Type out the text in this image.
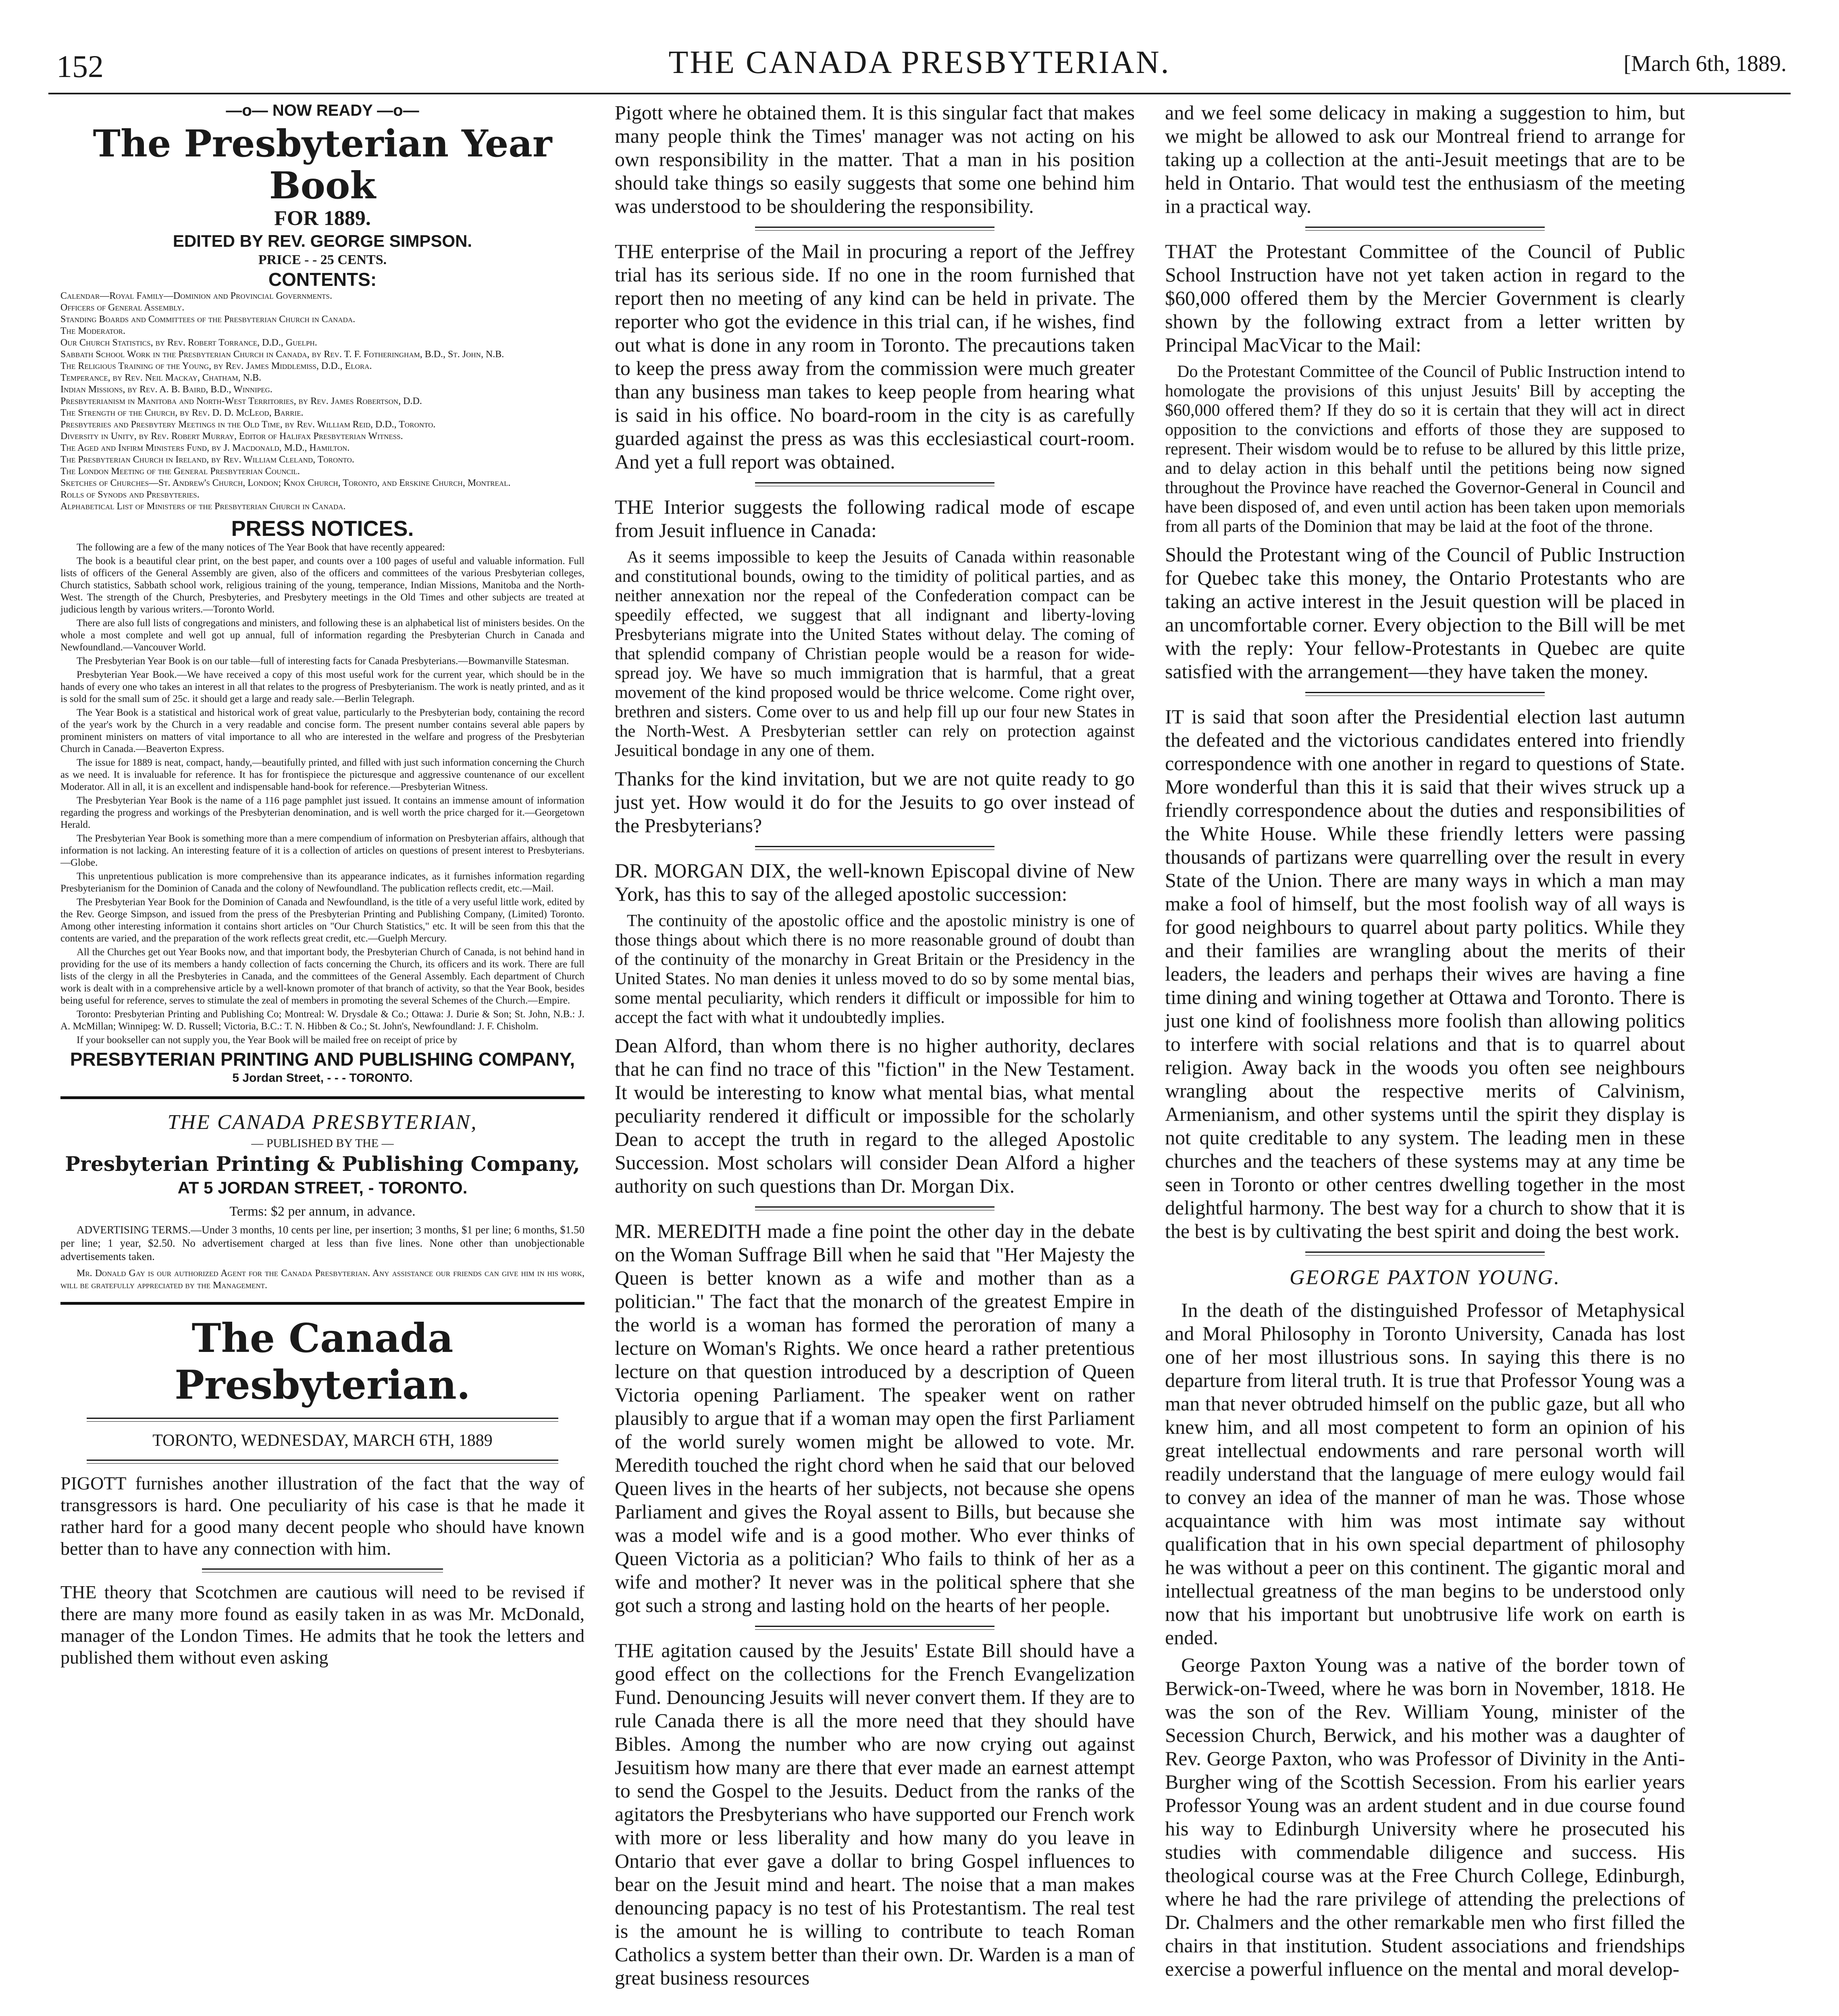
152	THE CANADA PRESBYTERIAN.	[March 6th, 1889.
—o— NOW READY —o—
The Presbyterian Year Book
FOR 1889.
EDITED BY REV. GEORGE SIMPSON.
PRICE - - 25 CENTS.
CONTENTS:

Calendar—Royal Family—Dominion and Provincial Governments.

Officers of General Assembly.

Standing Boards and Committees of the Presbyterian Church in Canada.

The Moderator.

Our Church Statistics, by Rev. Robert Torrance, D.D., Guelph.

Sabbath School Work in the Presbyterian Church in Canada, by Rev. T. F. Fotheringham, B.D., St. John, N.B.

The Religious Training of the Young, by Rev. James Middlemiss, D.D., Elora.

Temperance, by Rev. Neil Mackay, Chatham, N.B.

Indian Missions, by Rev. A. B. Baird, B.D., Winnipeg.

Presbyterianism in Manitoba and North-West Territories, by Rev. James Robertson, D.D.

The Strength of the Church, by Rev. D. D. McLeod, Barrie.

Presbyteries and Presbytery Meetings in the Old Time, by Rev. William Reid, D.D., Toronto.

Diversity in Unity, by Rev. Robert Murray, Editor of Halifax Presbyterian Witness.

The Aged and Infirm Ministers Fund, by J. Macdonald, M.D., Hamilton.

The Presbyterian Church in Ireland, by Rev. William Cleland, Toronto.

The London Meeting of the General Presbyterian Council.

Sketches of Churches—St. Andrew's Church, London; Knox Church, Toronto, and Erskine Church, Montreal.

Rolls of Synods and Presbyteries.

Alphabetical List of Ministers of the Presbyterian Church in Canada.

PRESS NOTICES.

The following are a few of the many notices of The Year Book that have recently appeared:

The book is a beautiful clear print, on the best paper, and counts over a 100 pages of useful and valuable information. Full lists of officers of the General Assembly are given, also of the officers and committees of the various Presbyterian colleges, Church statistics, Sabbath school work, religious training of the young, temperance, Indian Missions, Manitoba and the North-West. The strength of the Church, Presbyteries, and Presbytery meetings in the Old Times and other subjects are treated at judicious length by various writers.—Toronto World.

There are also full lists of congregations and ministers, and following these is an alphabetical list of ministers besides. On the whole a most complete and well got up annual, full of information regarding the Presbyterian Church in Canada and Newfoundland.—Vancouver World.

The Presbyterian Year Book is on our table—full of interesting facts for Canada Presbyterians.—Bowmanville Statesman.

Presbyterian Year Book.—We have received a copy of this most useful work for the current year, which should be in the hands of every one who takes an interest in all that relates to the progress of Presbyterianism. The work is neatly printed, and as it is sold for the small sum of 25c. it should get a large and ready sale.—Berlin Telegraph.

The Year Book is a statistical and historical work of great value, particularly to the Presbyterian body, containing the record of the year's work by the Church in a very readable and concise form. The present number contains several able papers by prominent ministers on matters of vital importance to all who are interested in the welfare and progress of the Presbyterian Church in Canada.—Beaverton Express.

The issue for 1889 is neat, compact, handy,—beautifully printed, and filled with just such information concerning the Church as we need. It is invaluable for reference. It has for frontispiece the picturesque and aggressive countenance of our excellent Moderator. All in all, it is an excellent and indispensable hand-book for reference.—Presbyterian Witness.

The Presbyterian Year Book is the name of a 116 page pamphlet just issued. It contains an immense amount of information regarding the progress and workings of the Presbyterian denomination, and is well worth the price charged for it.—Georgetown Herald.

The Presbyterian Year Book is something more than a mere compendium of information on Presbyterian affairs, although that information is not lacking. An interesting feature of it is a collection of articles on questions of present interest to Presbyterians.—Globe.

This unpretentious publication is more comprehensive than its appearance indicates, as it furnishes information regarding Presbyterianism for the Dominion of Canada and the colony of Newfoundland. The publication reflects credit, etc.—Mail.

The Presbyterian Year Book for the Dominion of Canada and Newfoundland, is the title of a very useful little work, edited by the Rev. George Simpson, and issued from the press of the Presbyterian Printing and Publishing Company, (Limited) Toronto. Among other interesting information it contains short articles on "Our Church Statistics," etc. It will be seen from this that the contents are varied, and the preparation of the work reflects great credit, etc.—Guelph Mercury.

All the Churches get out Year Books now, and that important body, the Presbyterian Church of Canada, is not behind hand in providing for the use of its members a handy collection of facts concerning the Church, its officers and its work. There are full lists of the clergy in all the Presbyteries in Canada, and the committees of the General Assembly. Each department of Church work is dealt with in a comprehensive article by a well-known promoter of that branch of activity, so that the Year Book, besides being useful for reference, serves to stimulate the zeal of members in promoting the several Schemes of the Church.—Empire.

Toronto: Presbyterian Printing and Publishing Co; Montreal: W. Drysdale & Co.; Ottawa: J. Durie & Son; St. John, N.B.: J. A. McMillan; Winnipeg: W. D. Russell; Victoria, B.C.: T. N. Hibben & Co.; St. John's, Newfoundland: J. F. Chisholm.

If your bookseller can not supply you, the Year Book will be mailed free on receipt of price by

PRESBYTERIAN PRINTING AND PUBLISHING COMPANY,
5 Jordan Street, - - - TORONTO.
THE CANADA PRESBYTERIAN,
— PUBLISHED BY THE —
Presbyterian Printing & Publishing Company,
AT 5 JORDAN STREET, - TORONTO.
Terms: $2 per annum, in advance.

ADVERTISING TERMS.—Under 3 months, 10 cents per line, per insertion; 3 months, $1 per line; 6 months, $1.50 per line; 1 year, $2.50. No advertisement charged at less than five lines. None other than unobjectionable advertisements taken.

Mr. Donald Gay is our authorized Agent for the Canada Presbyterian. Any assistance our friends can give him in his work, will be gratefully appreciated by the Management.

The Canada Presbyterian.
TORONTO, WEDNESDAY, MARCH 6TH, 1889

PIGOTT furnishes another illustration of the fact that the way of transgressors is hard. One peculiarity of his case is that he made it rather hard for a good many decent people who should have known better than to have any connection with him.

THE theory that Scotchmen are cautious will need to be revised if there are many more found as easily taken in as was Mr. McDonald, manager of the London Times. He admits that he took the letters and published them without even asking

Pigott where he obtained them. It is this singular fact that makes many people think the Times' manager was not acting on his own responsibility in the matter. That a man in his position should take things so easily suggests that some one behind him was understood to be shouldering the responsibility.

THE enterprise of the Mail in procuring a report of the Jeffrey trial has its serious side. If no one in the room furnished that report then no meeting of any kind can be held in private. The reporter who got the evidence in this trial can, if he wishes, find out what is done in any room in Toronto. The precautions taken to keep the press away from the commission were much greater than any business man takes to keep people from hearing what is said in his office. No board-room in the city is as carefully guarded against the press as was this ecclesiastical court-room. And yet a full report was obtained.

THE Interior suggests the following radical mode of escape from Jesuit influence in Canada:

As it seems impossible to keep the Jesuits of Canada within reasonable and constitutional bounds, owing to the timidity of political parties, and as neither annexation nor the repeal of the Confederation compact can be speedily effected, we suggest that all indignant and liberty-loving Presbyterians migrate into the United States without delay. The coming of that splendid company of Christian people would be a reason for wide-spread joy. We have so much immigration that is harmful, that a great movement of the kind proposed would be thrice welcome. Come right over, brethren and sisters. Come over to us and help fill up our four new States in the North-West. A Presbyterian settler can rely on protection against Jesuitical bondage in any one of them.

Thanks for the kind invitation, but we are not quite ready to go just yet. How would it do for the Jesuits to go over instead of the Presbyterians?

DR. MORGAN DIX, the well-known Episcopal divine of New York, has this to say of the alleged apostolic succession:

The continuity of the apostolic office and the apostolic ministry is one of those things about which there is no more reasonable ground of doubt than of the continuity of the monarchy in Great Britain or the Presidency in the United States. No man denies it unless moved to do so by some mental bias, some mental peculiarity, which renders it difficult or impossible for him to accept the fact with what it undoubtedly implies.

Dean Alford, than whom there is no higher authority, declares that he can find no trace of this "fiction" in the New Testament. It would be interesting to know what mental bias, what mental peculiarity rendered it difficult or impossible for the scholarly Dean to accept the truth in regard to the alleged Apostolic Succession. Most scholars will consider Dean Alford a higher authority on such questions than Dr. Morgan Dix.

MR. MEREDITH made a fine point the other day in the debate on the Woman Suffrage Bill when he said that "Her Majesty the Queen is better known as a wife and mother than as a politician." The fact that the monarch of the greatest Empire in the world is a woman has formed the peroration of many a lecture on Woman's Rights. We once heard a rather pretentious lecture on that question introduced by a description of Queen Victoria opening Parliament. The speaker went on rather plausibly to argue that if a woman may open the first Parliament of the world surely women might be allowed to vote. Mr. Meredith touched the right chord when he said that our beloved Queen lives in the hearts of her subjects, not because she opens Parliament and gives the Royal assent to Bills, but because she was a model wife and is a good mother. Who ever thinks of Queen Victoria as a politician? Who fails to think of her as a wife and mother? It never was in the political sphere that she got such a strong and lasting hold on the hearts of her people.

THE agitation caused by the Jesuits' Estate Bill should have a good effect on the collections for the French Evangelization Fund. Denouncing Jesuits will never convert them. If they are to rule Canada there is all the more need that they should have Bibles. Among the number who are now crying out against Jesuitism how many are there that ever made an earnest attempt to send the Gospel to the Jesuits. Deduct from the ranks of the agitators the Presbyterians who have supported our French work with more or less liberality and how many do you leave in Ontario that ever gave a dollar to bring Gospel influences to bear on the Jesuit mind and heart. The noise that a man makes denouncing papacy is no test of his Protestantism. The real test is the amount he is willing to contribute to teach Roman Catholics a system better than their own. Dr. Warden is a man of great business resources

and we feel some delicacy in making a suggestion to him, but we might be allowed to ask our Montreal friend to arrange for taking up a collection at the anti-Jesuit meetings that are to be held in Ontario. That would test the enthusiasm of the meeting in a practical way.

THAT the Protestant Committee of the Council of Public School Instruction have not yet taken action in regard to the $60,000 offered them by the Mercier Government is clearly shown by the following extract from a letter written by Principal MacVicar to the Mail:

Do the Protestant Committee of the Council of Public Instruction intend to homologate the provisions of this unjust Jesuits' Bill by accepting the $60,000 offered them? If they do so it is certain that they will act in direct opposition to the convictions and efforts of those they are supposed to represent. Their wisdom would be to refuse to be allured by this little prize, and to delay action in this behalf until the petitions being now signed throughout the Province have reached the Governor-General in Council and have been disposed of, and even until action has been taken upon memorials from all parts of the Dominion that may be laid at the foot of the throne.

Should the Protestant wing of the Council of Public Instruction for Quebec take this money, the Ontario Protestants who are taking an active interest in the Jesuit question will be placed in an uncomfortable corner. Every objection to the Bill will be met with the reply: Your fellow-Protestants in Quebec are quite satisfied with the arrangement—they have taken the money.

IT is said that soon after the Presidential election last autumn the defeated and the victorious candidates entered into friendly correspondence with one another in regard to questions of State. More wonderful than this it is said that their wives struck up a friendly correspondence about the duties and responsibilities of the White House. While these friendly letters were passing thousands of partizans were quarrelling over the result in every State of the Union. There are many ways in which a man may make a fool of himself, but the most foolish way of all ways is for good neighbours to quarrel about party politics. While they and their families are wrangling about the merits of their leaders, the leaders and perhaps their wives are having a fine time dining and wining together at Ottawa and Toronto. There is just one kind of foolishness more foolish than allowing politics to interfere with social relations and that is to quarrel about religion. Away back in the woods you often see neighbours wrangling about the respective merits of Calvinism, Armenianism, and other systems until the spirit they display is not quite creditable to any system. The leading men in these churches and the teachers of these systems may at any time be seen in Toronto or other centres dwelling together in the most delightful harmony. The best way for a church to show that it is the best is by cultivating the best spirit and doing the best work.

GEORGE PAXTON YOUNG.

In the death of the distinguished Professor of Metaphysical and Moral Philosophy in Toronto University, Canada has lost one of her most illustrious sons. In saying this there is no departure from literal truth. It is true that Professor Young was a man that never obtruded himself on the public gaze, but all who knew him, and all most competent to form an opinion of his great intellectual endowments and rare personal worth will readily understand that the language of mere eulogy would fail to convey an idea of the manner of man he was. Those whose acquaintance with him was most intimate say without qualification that in his own special department of philosophy he was without a peer on this continent. The gigantic moral and intellectual greatness of the man begins to be understood only now that his important but unobtrusive life work on earth is ended.

George Paxton Young was a native of the border town of Berwick-on-Tweed, where he was born in November, 1818. He was the son of the Rev. William Young, minister of the Secession Church, Berwick, and his mother was a daughter of Rev. George Paxton, who was Professor of Divinity in the Anti-Burgher wing of the Scottish Secession. From his earlier years Professor Young was an ardent student and in due course found his way to Edinburgh University where he prosecuted his studies with commendable diligence and success. His theological course was at the Free Church College, Edinburgh, where he had the rare privilege of attending the prelections of Dr. Chalmers and the other remarkable men who first filled the chairs in that institution. Student associations and friendships exercise a powerful influence on the mental and moral develop-
